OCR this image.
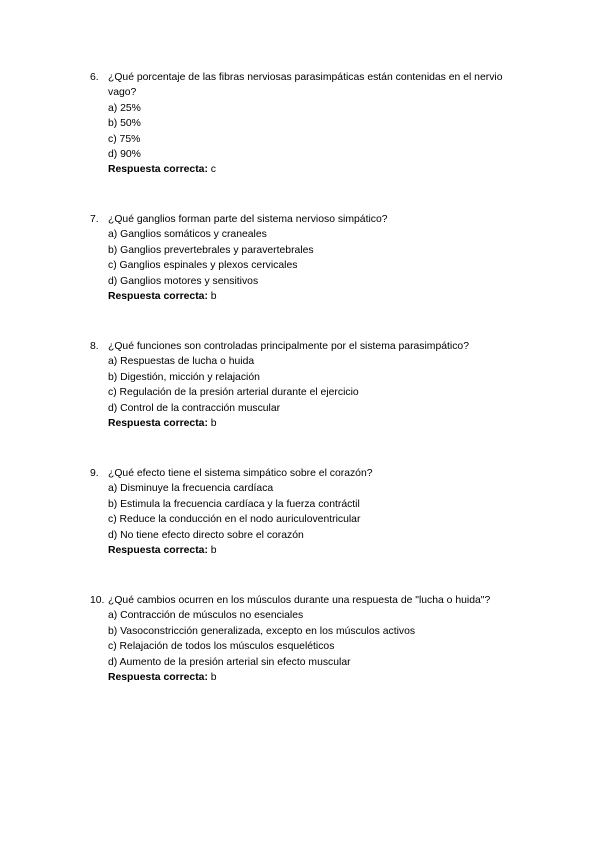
6. ¿Qué porcentaje de las fibras nerviosas parasimpáticas están contenidas en el nervio vago?
a) 25%
b) 50%
c) 75%
d) 90%
Respuesta correcta: c
7. ¿Qué ganglios forman parte del sistema nervioso simpático?
a) Ganglios somáticos y craneales
b) Ganglios prevertebrales y paravertebrales
c) Ganglios espinales y plexos cervicales
d) Ganglios motores y sensitivos
Respuesta correcta: b
8. ¿Qué funciones son controladas principalmente por el sistema parasimpático?
a) Respuestas de lucha o huida
b) Digestión, micción y relajación
c) Regulación de la presión arterial durante el ejercicio
d) Control de la contracción muscular
Respuesta correcta: b
9. ¿Qué efecto tiene el sistema simpático sobre el corazón?
a) Disminuye la frecuencia cardíaca
b) Estimula la frecuencia cardíaca y la fuerza contráctil
c) Reduce la conducción en el nodo auriculoventricular
d) No tiene efecto directo sobre el corazón
Respuesta correcta: b
10. ¿Qué cambios ocurren en los músculos durante una respuesta de "lucha o huida"?
a) Contracción de músculos no esenciales
b) Vasoconstricción generalizada, excepto en los músculos activos
c) Relajación de todos los músculos esqueléticos
d) Aumento de la presión arterial sin efecto muscular
Respuesta correcta: b
